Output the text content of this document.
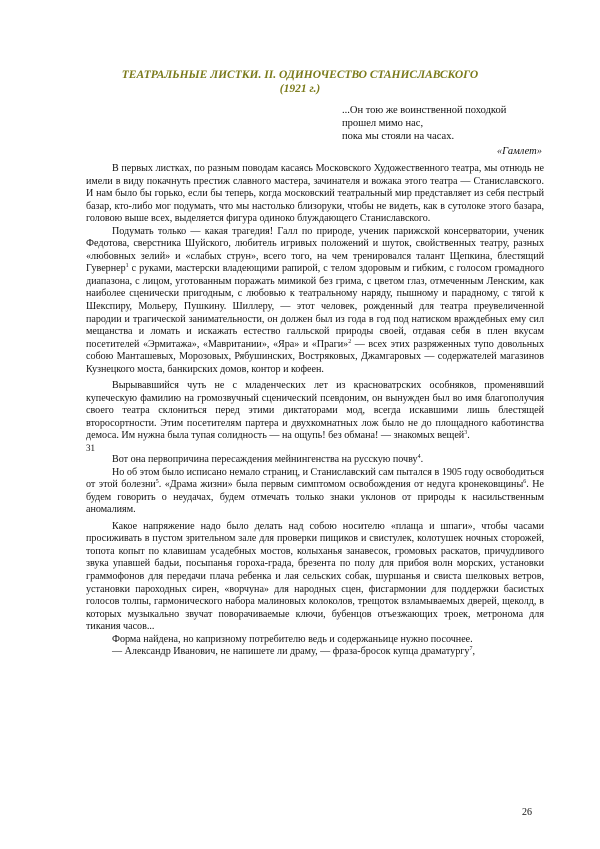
ТЕАТРАЛЬНЫЕ ЛИСТКИ. II. ОДИНОЧЕСТВО СТАНИСЛАВСКОГО
(1921 г.)
...Он тою же воинственной походкой
прошел мимо нас,
пока мы стояли на часах.
«Гамлет»

В первых листках, по разным поводам касаясь Московского Художественного театра, мы отнюдь не имели в виду покачнуть престиж славного мастера, зачинателя и вожака этого театра — Станиславского. И нам было бы горько, если бы теперь, когда московский театральный мир представляет из себя пестрый базар, кто-либо мог подумать, что мы настолько близоруки, чтобы не видеть, как в сутолоке этого базара, головою выше всех, выделяется фигура одиноко блуждающего Станиславского.

Подумать только — какая трагедия! Галл по природе, ученик парижской консерватории, ученик Федотова, сверстника Шуйского, любитель игривых положений и шуток, свойственных театру, разных «любовных зелий» и «слабых струн», всего того, на чем тренировался талант Щепкина, блестящий Гувернер$^1$ с руками, мастерски владеющими рапирой, с телом здоровым и гибким, с голосом громадного диапазона, с лицом, уготованным поражать мимикой без грима, с цветом глаз, отмеченным Ленским, как наиболее сценически пригодным, с любовью к театральному наряду, пышному и парадному, с тягой к Шекспиру, Мольеру, Пушкину. Шиллеру, — этот человек, рожденный для театра преувеличенной пародии и трагической занимательности, он должен был из года в год под натиском враждебных ему сил мещанства и ломать и искажать естество галльской природы своей, отдавая себя в плен вкусам посетителей «Эрмитажа», «Мавритании», «Яра» и «Праги»$^2$ — всех этих разряженных тупо довольных собою Манташевых, Морозовых, Рябушинских, Востряковых, Джамгаровых — содержателей магазинов Кузнецкого моста, банкирских домов, контор и кофеен.

Вырывавшийся чуть не с младенческих лет из красноватрских особняков, променявший купеческую фамилию на громозвучный сценический псевдоним, он вынужден был во имя благополучия своего театра склониться перед этими диктаторами мод, всегда искавшими лишь блестящей второсортности. Этим посетителям партера и двухкомнатных лож было не до площадного каботинства демоса. Им нужна была тупая солидность — на ощупь! без обмана! — знакомых вещей$^3$.

31

Вот она первопричина пересаждения мейнингенства на русскую почву$^4$.

Но об этом было исписано немало страниц, и Станиславский сам пытался в 1905 году освободиться от этой болезни$^5$. «Драма жизни» была первым симптомом освобождения от недуга кронековщины$^6$. Не будем говорить о неудачах, будем отмечать только знаки уклонов от природы к насильственным аномалиям.

Какое напряжение надо было делать над собою носителю «плаща и шпаги», чтобы часами просиживать в пустом зрительном зале для проверки пищиков и свистулек, колотушек ночных сторожей, топота копыт по клавишам усадебных мостов, колыханья занавесок, громовых раскатов, причудливого звука упавшей бадьи, посыпанья гороха-града, брезента по полу для прибоя волн морских, установки граммофонов для передачи плача ребенка и лая сельских собак, шуршанья и свиста шелковых ветров, установки пароходных сирен, «ворчуна» для народных сцен, фисгармонии для поддержки басистых голосов толпы, гармонического набора малиновых колоколов, трещоток взламываемых дверей, щеколд, в которых музыкально звучат поворачиваемые ключи, бубенцов отъезжающих троек, метронома для тикания часов...

Форма найдена, но капризному потребителю ведь и содержаньице нужно посочнее.

— Александр Иванович, не напишете ли драму, — фраза-бросок купца драматургу$^7$,

26
